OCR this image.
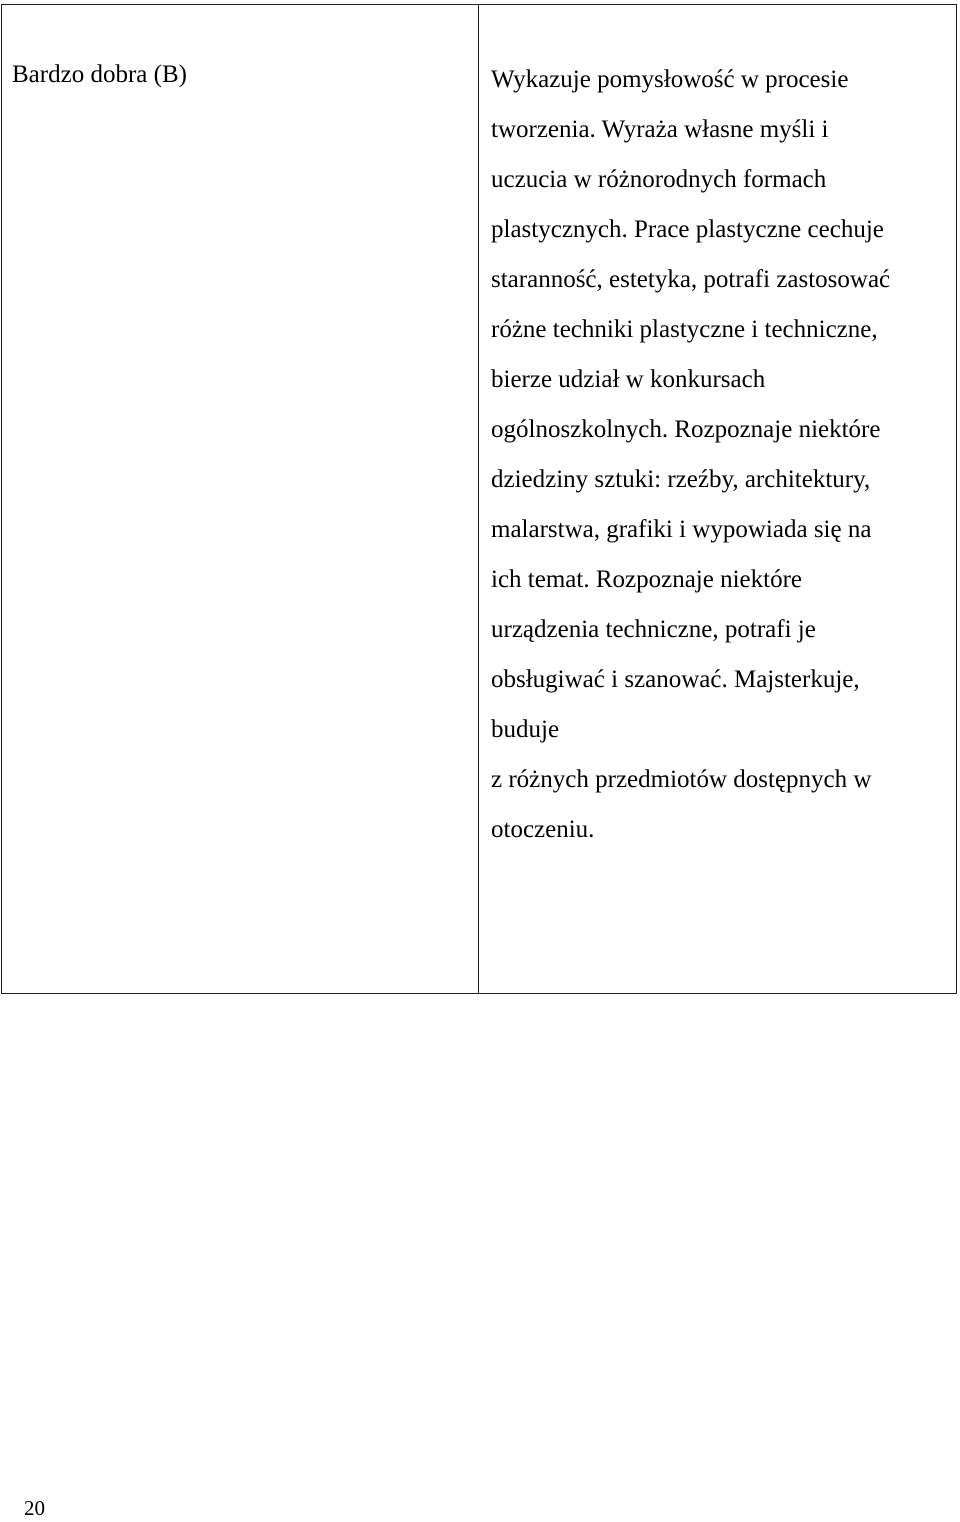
Bardzo dobra (B)	Wykazuje pomysłowość w procesie
tworzenia. Wyraża własne myśli i
uczucia w różnorodnych formach
plastycznych. Prace plastyczne cechuje
staranność, estetyka, potrafi zastosować
różne techniki plastyczne i techniczne,
bierze udział w konkursach
ogólnoszkolnych. Rozpoznaje niektóre
dziedziny sztuki: rzeźby, architektury,
malarstwa, grafiki i wypowiada się na
ich temat. Rozpoznaje niektóre
urządzenia techniczne, potrafi je
obsługiwać i szanować. Majsterkuje,
buduje
z różnych przedmiotów dostępnych w
otoczeniu.
20
